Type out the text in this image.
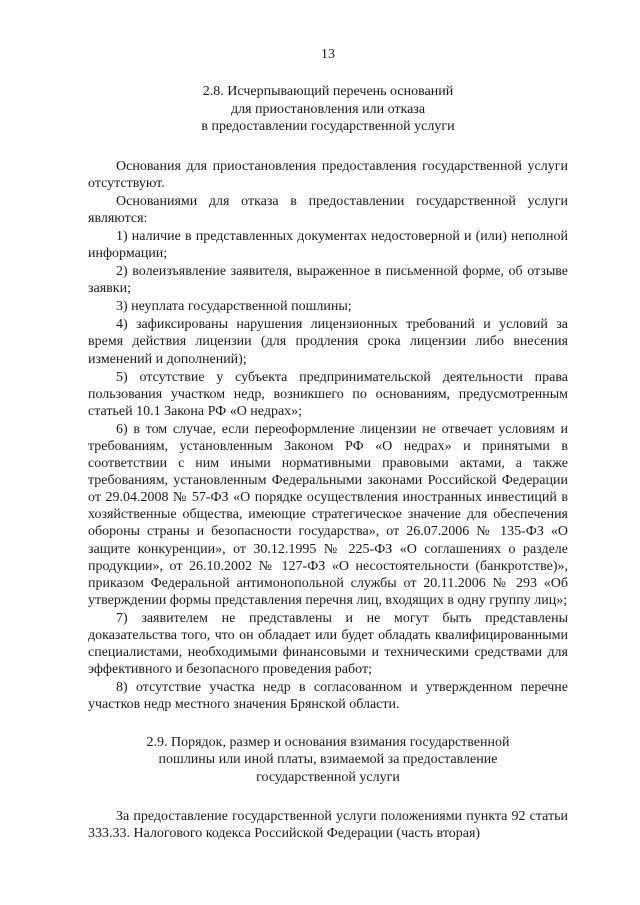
13
2.8. Исчерпывающий перечень оснований
для приостановления или отказа
в предоставлении государственной услуги

Основания для приостановления предоставления государственной услуги отсутствуют.

Основаниями для отказа в предоставлении государственной услуги являются:

1) наличие в представленных документах недостоверной и (или) неполной информации;

2) волеизъявление заявителя, выраженное в письменной форме, об отзыве заявки;

3) неуплата государственной пошлины;

4) зафиксированы нарушения лицензионных требований и условий за время действия лицензии (для продления срока лицензии либо внесения изменений и дополнений);

5) отсутствие у субъекта предпринимательской деятельности права пользования участком недр, возникшего по основаниям, предусмотренным статьей 10.1 Закона РФ «О недрах»;

6) в том случае, если переоформление лицензии не отвечает условиям и требованиям, установленным Законом РФ «О недрах» и принятыми в соответствии с ним иными нормативными правовыми актами, а также требованиям, установленным Федеральными законами Российской Федерации от 29.04.2008 № 57-ФЗ «О порядке осуществления иностранных инвестиций в хозяйственные общества, имеющие стратегическое значение для обеспечения обороны страны и безопасности государства», от 26.07.2006 № 135-ФЗ «О защите конкуренции», от 30.12.1995 № 225-ФЗ «О соглашениях о разделе продукции», от 26.10.2002 № 127-ФЗ «О несостоятельности (банкротстве)», приказом Федеральной антимонопольной службы от 20.11.2006 № 293 «Об утверждении формы представления перечня лиц, входящих в одну группу лиц»;

7) заявителем не представлены и не могут быть представлены доказательства того, что он обладает или будет обладать квалифицированными специалистами, необходимыми финансовыми и техническими средствами для эффективного и безопасного проведения работ;

8) отсутствие участка недр в согласованном и утвержденном перечне участков недр местного значения Брянской области.

2.9. Порядок, размер и основания взимания государственной
пошлины или иной платы, взимаемой за предоставление
государственной услуги

За предоставление государственной услуги положениями пункта 92 статьи 333.33. Налогового кодекса Российской Федерации (часть вторая)
